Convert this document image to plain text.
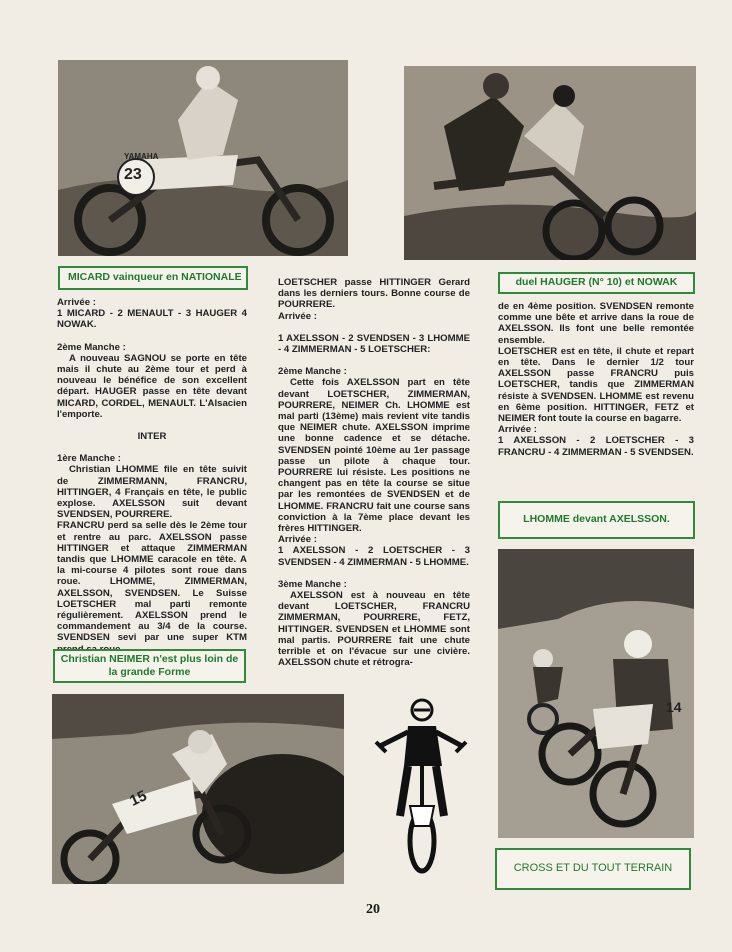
23
YAMAHA
MICARD vainqueur en NATIONALE	duel HAUGER (N° 10) et NOWAK

Arrivée :

1 MICARD - 2 MENAULT - 3 HAUGER 4 NOWAK.

2ème Manche :

A nouveau SAGNOU se porte en tête mais il chute au 2ème tour et perd à nouveau le bénéfice de son excellent départ. HAUGER passe en tête devant MICARD, CORDEL, MENAULT. L'Alsacien l'emporte.

INTER

1ère Manche :

Christian LHOMME file en tête suivit de ZIMMERMANN, FRANCRU, HITTINGER, 4 Français en tête, le public explose. AXELSSON suit devant SVENDSEN, POURRERE.

FRANCRU perd sa selle dès le 2ème tour et rentre au parc. AXELSSON passe HITTINGER et attaque ZIMMERMAN tandis que LHOMME caracole en tête. A la mi-course 4 pilotes sont roue dans roue. LHOMME, ZIMMERMAN, AXELSSON, SVENDSEN. Le Suisse LOETSCHER mal parti remonte régulièrement. AXELSSON prend le commandement au 3/4 de la course. SVENDSEN sevi par une super KTM

LOETSCHER passe HITTINGER Gerard dans les derniers tours. Bonne course de POURRERE.

Arrivée :

1 AXELSSON - 2 SVENDSEN - 3 LHOMME - 4 ZIMMERMAN - 5 LOETSCHER:

2ème Manche :

Cette fois AXELSSON part en tête devant LOETSCHER, ZIMMERMAN, POURRERE, NEIMER Ch. LHOMME est mal parti (13ème) mais revient vite tandis que NEIMER chute. AXELSSON imprime une bonne cadence et se détache. SVENDSEN pointé 10ème au 1er passage passe un pilote à chaque tour. POURRERE lui résiste. Les positions ne changent pas en tête la course se situe par les remontées de SVENDSEN et de LHOMME. FRANCRU fait une course sans conviction à la 7ème place devant les frères HITTINGER.

Arrivée :

1 AXELSSON - 2 LOETSCHER - 3 SVENDSEN - 4 ZIMMERMAN - 5 LHOMME.

3ème Manche :

AXELSSON est à nouveau en tête devant LOETSCHER, FRANCRU ZIMMERMAN, POURRERE, FETZ, HITTINGER. SVENDSEN et LHOMME sont mal partis. POURRERE fait une chute terrible et on l'évacue sur une civière. AXELSSON chute et rétrogra-

de en 4ème position. SVENDSEN remonte comme une bête et arrive dans la roue de AXELSSON. Ils font une belle remontée ensemble.

LOETSCHER est en tête, il chute et repart en tête. Dans le dernier 1/2 tour AXELSSON passe FRANCRU puis LOETSCHER, tandis que ZIMMERMAN résiste à SVENDSEN. LHOMME est revenu en 6ème position. HITTINGER, FETZ et NEIMER font toute la course en bagarre.

Arrivée :

1 AXELSSON - 2 LOETSCHER - 3 FRANCRU - 4 ZIMMERMAN - 5 SVENDSEN.

LHOMME devant AXELSSON.
Christian NEIMER n'est plus loin de la grande Forme
14
15
CROSS ET DU TOUT TERRAIN
20
